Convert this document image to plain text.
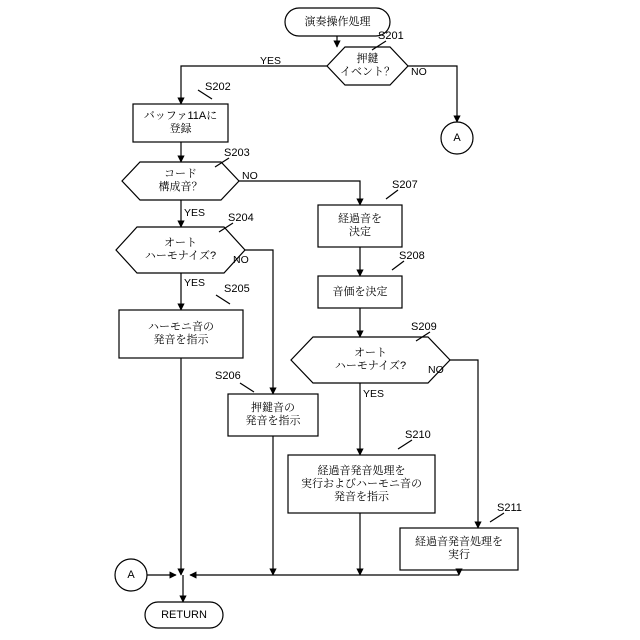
演奏操作処理
押鍵
イベント？
バッファ11Aに
登録
コード
構成音？
オート
ハーモナイズ?
ハーモニ音の
発音を指示
押鍵音の
発音を指示
経過音を
決定
音価を決定
オート
ハーモナイズ?
経過音発音処理を
実行およびハーモニ音の
発音を指示
経過音発音処理を
実行
A
A
RETURN
YES
NO
NO
YES
NO
YES
NO
YES
S201
S202
S203
S204
S205
S206
S207
S208
S209
S210
S211
